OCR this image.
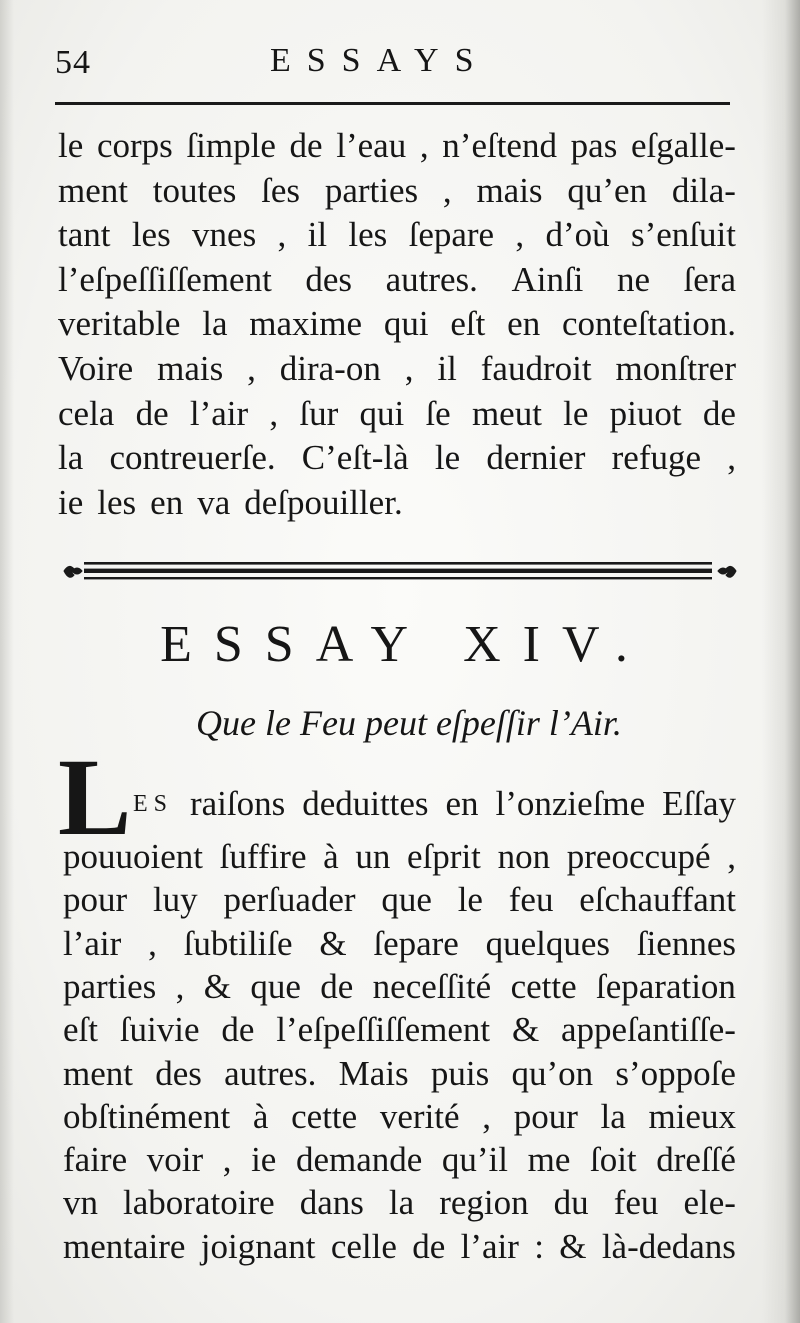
54	ESSAYS
le corps ſimple de l’eau , n’eſtend pas eſgalle-
ment toutes ſes parties , mais qu’en dila-
tant les vnes , il les ſepare , d’où s’enſuit
l’eſpeſſiſſement des autres. Ainſi ne ſera
veritable la maxime qui eſt en conteſtation.
Voire mais , dira-on , il faudroit monſtrer
cela de l’air , ſur qui ſe meut le piuot de
la contreuerſe. C’eſt-là le dernier refuge ,
ie les en va deſpouiller.
ESSAY XIV.
Que le Feu peut eſpeſſir l’Air.
L ES raiſons deduittes en l’onzieſme Eſſay
pouuoient ſuffire à un eſprit non preoccupé ,
pour luy perſuader que le feu eſchauffant
l’air , ſubtiliſe & ſepare quelques ſiennes
parties , & que de neceſſité cette ſeparation
eſt ſuivie de l’eſpeſſiſſement & appeſantiſſe-
ment des autres. Mais puis qu’on s’oppoſe
obſtinément à cette verité , pour la mieux
faire voir , ie demande qu’il me ſoit dreſſé
vn laboratoire dans la region du feu ele-
mentaire joignant celle de l’air : & là-dedans
